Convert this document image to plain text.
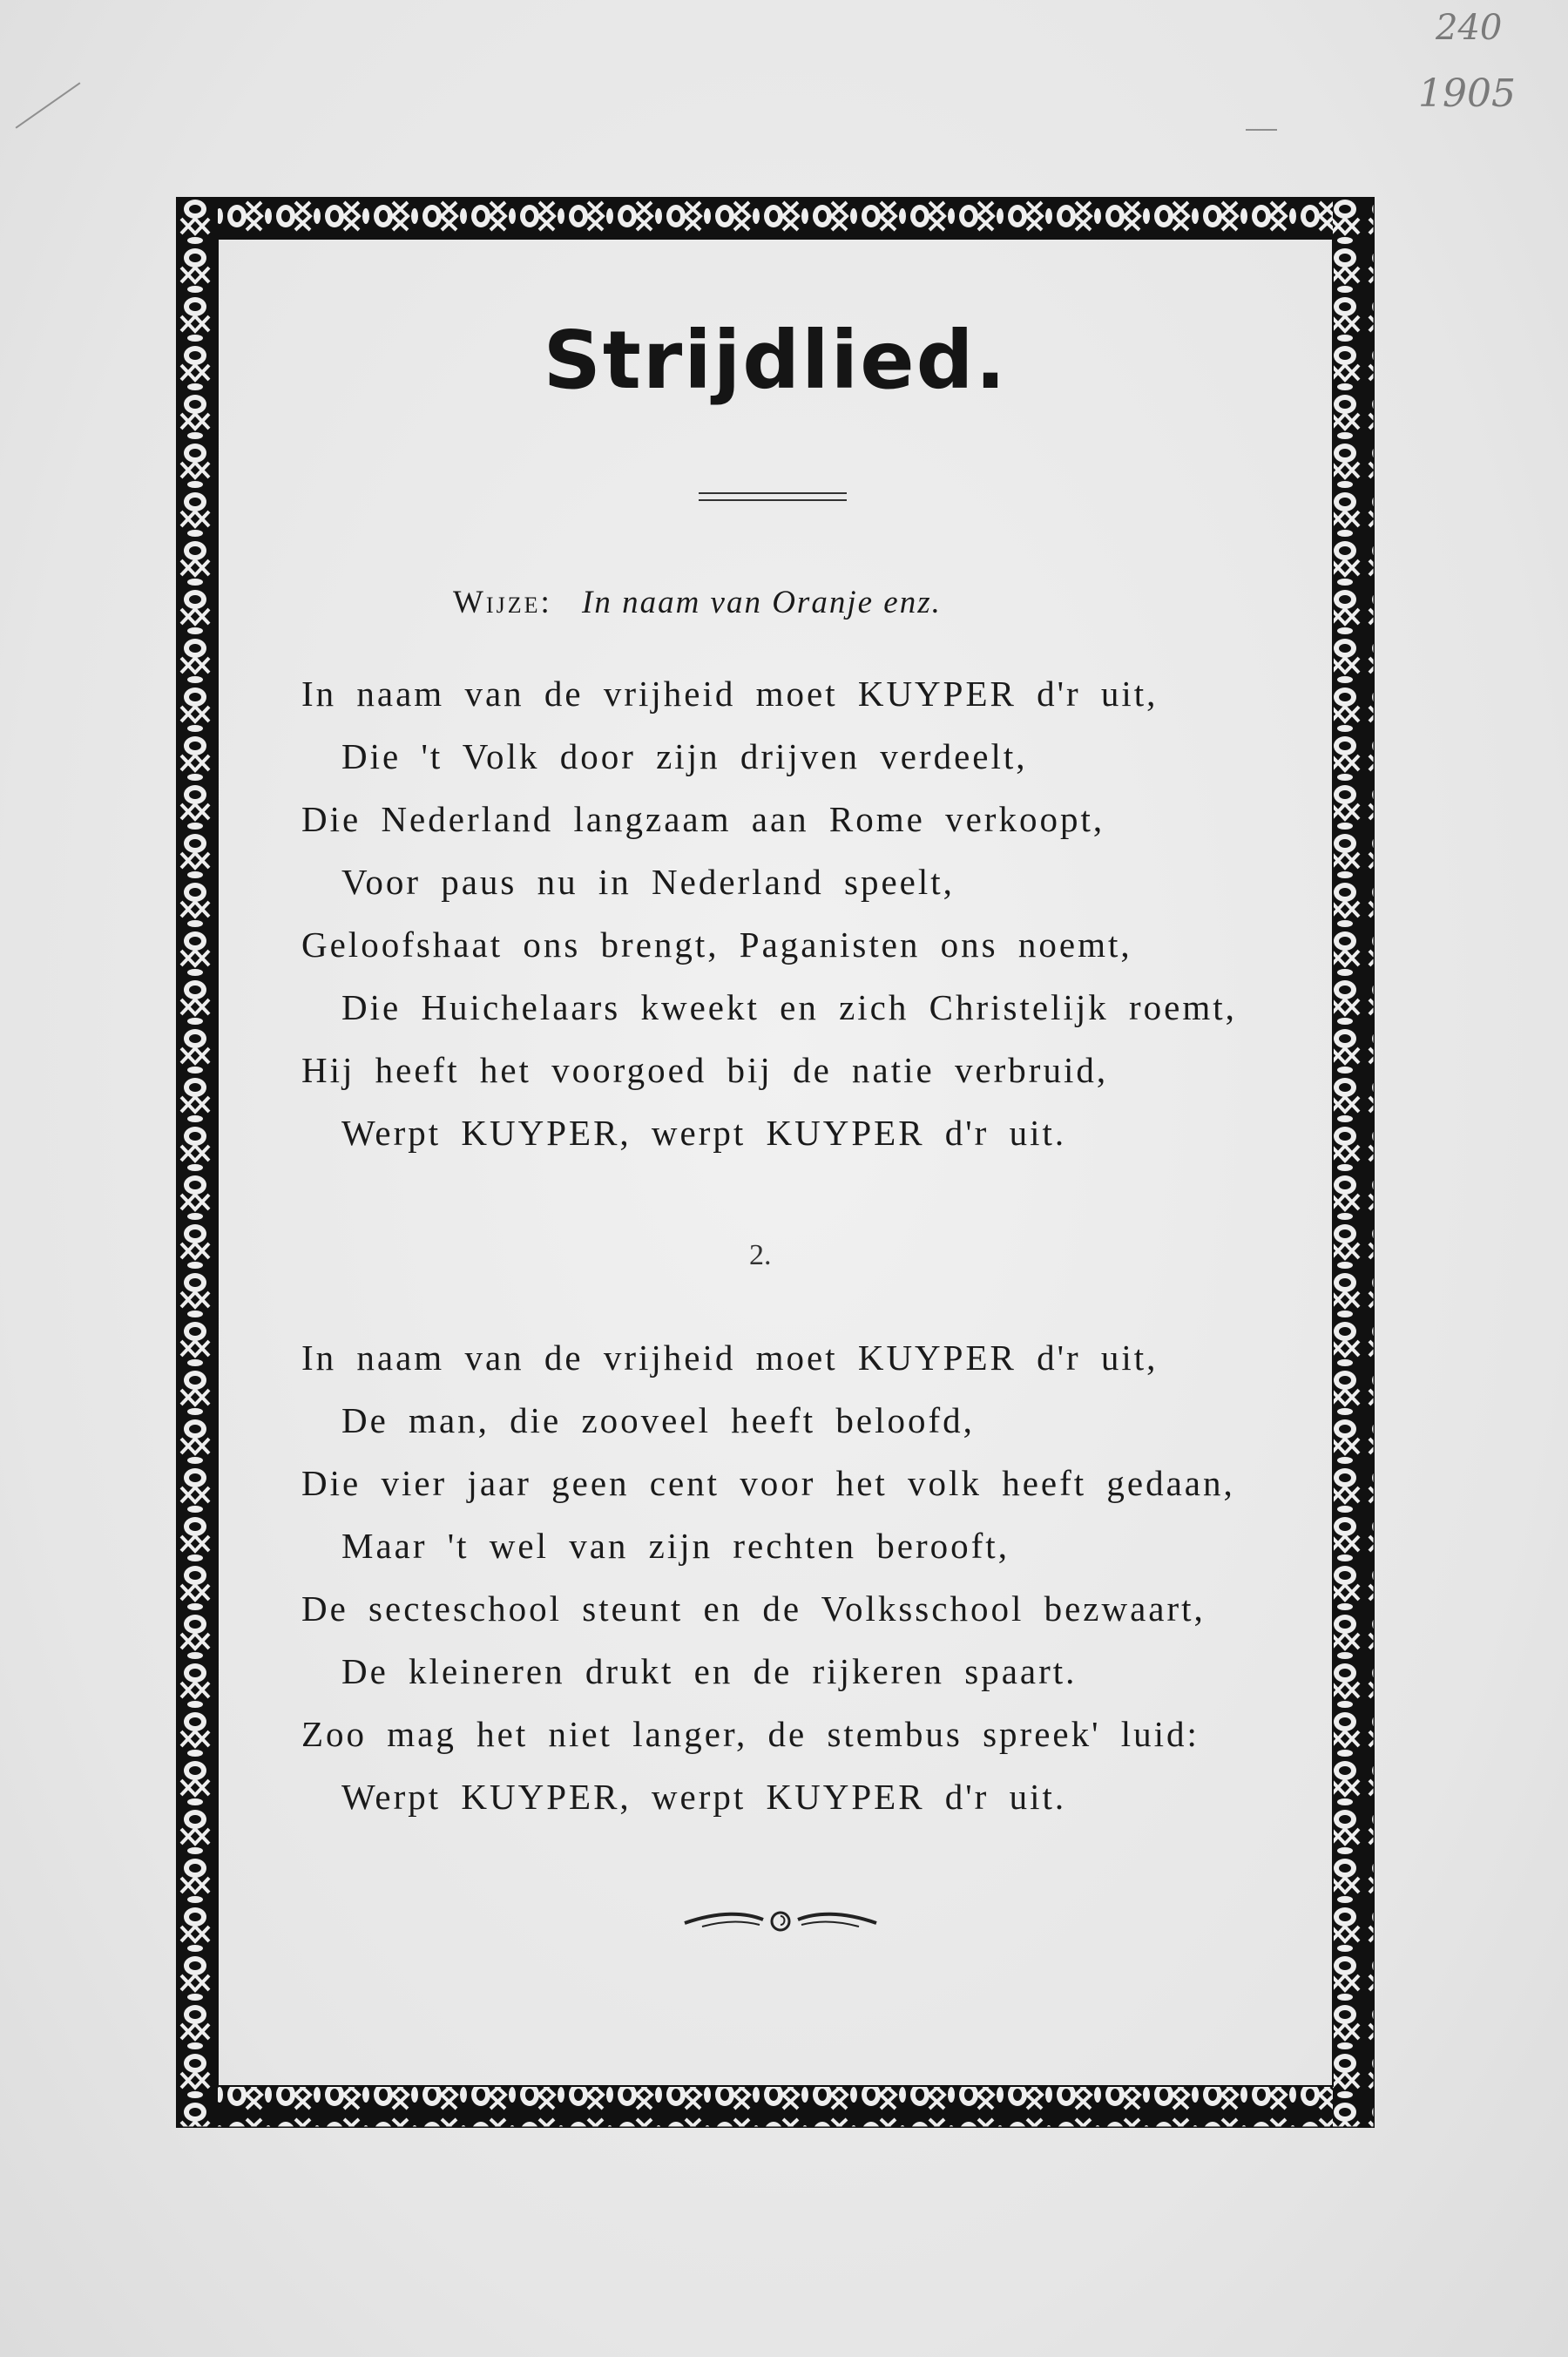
240
1905
Strijdlied.
Wijze: In naam van Oranje enz.
In naam van de vrijheid moet KUYPER d'r uit,
Die 't Volk door zijn drijven verdeelt,
Die Nederland langzaam aan Rome verkoopt,
Voor paus nu in Nederland speelt,
Geloofshaat ons brengt, Paganisten ons noemt,
Die Huichelaars kweekt en zich Christelijk roemt,
Hij heeft het voorgoed bij de natie verbruid,
Werpt KUYPER, werpt KUYPER d'r uit.
2.
In naam van de vrijheid moet KUYPER d'r uit,
De man, die zooveel heeft beloofd,
Die vier jaar geen cent voor het volk heeft gedaan,
Maar 't wel van zijn rechten berooft,
De secteschool steunt en de Volksschool bezwaart,
De kleineren drukt en de rijkeren spaart.
Zoo mag het niet langer, de stembus spreek' luid:
Werpt KUYPER, werpt KUYPER d'r uit.
